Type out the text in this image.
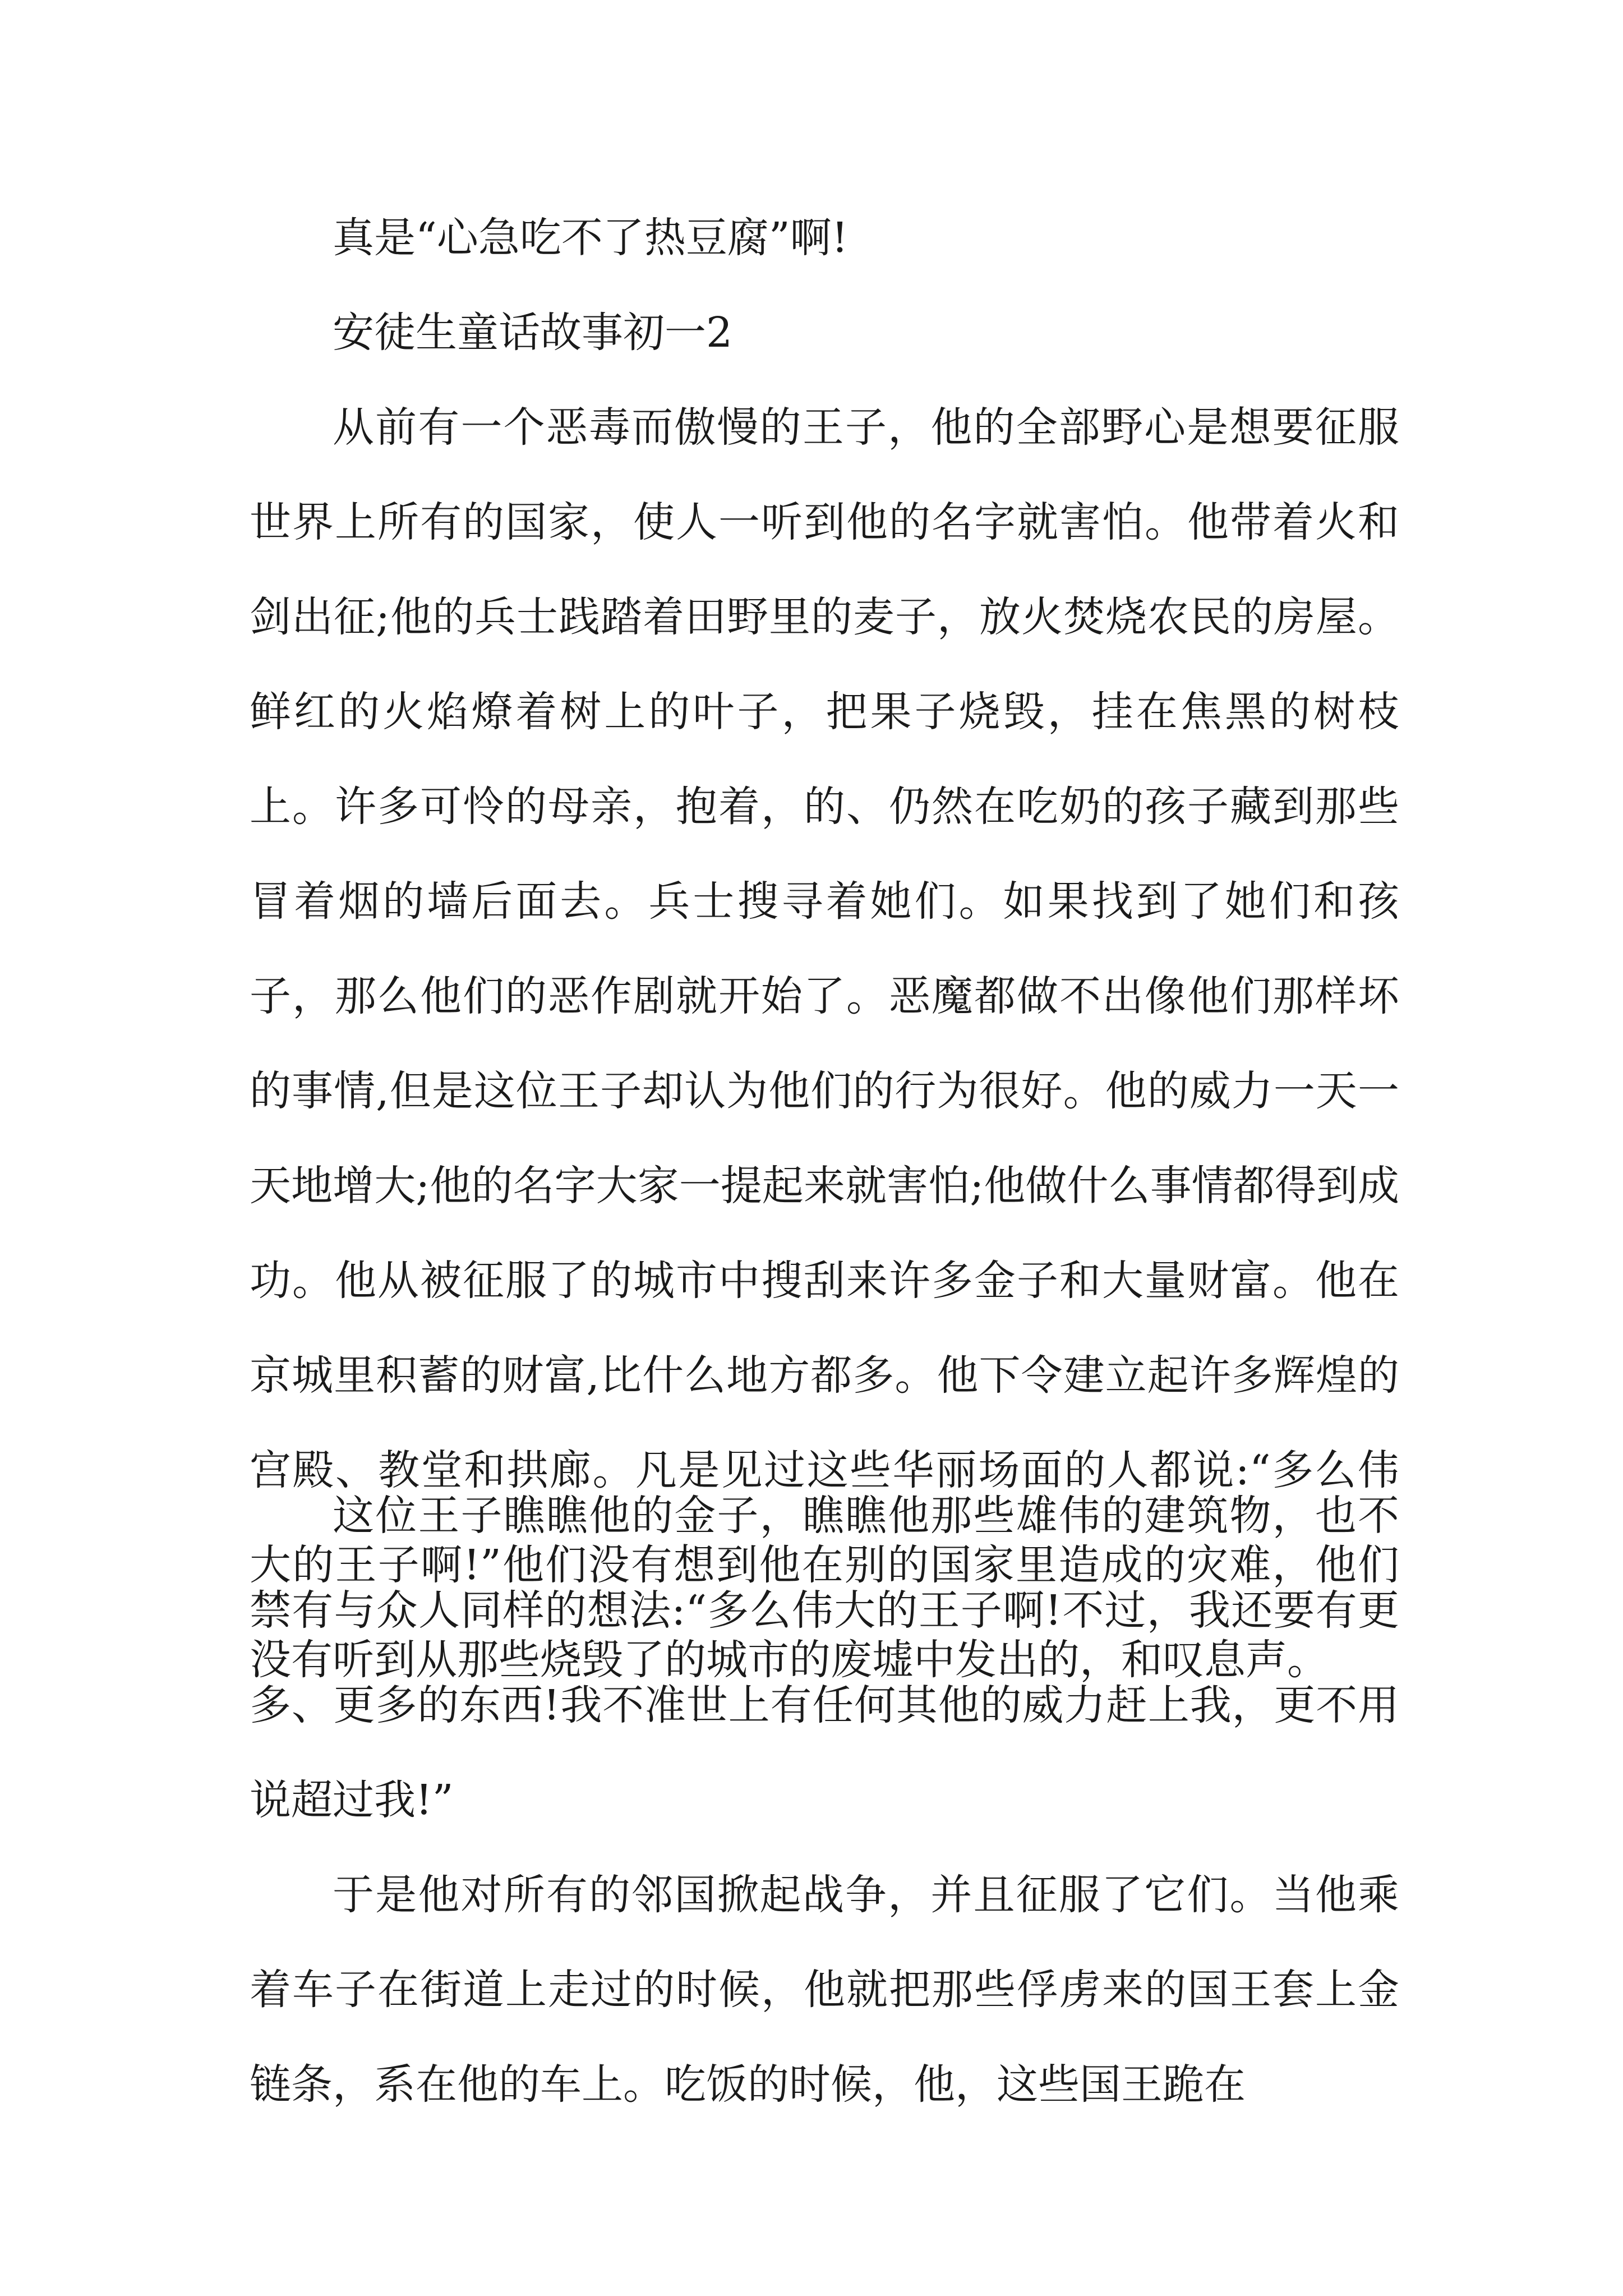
真是“心急吃不了热豆腐”啊!

安徒生童话故事初一2

从前有一个恶毒而傲慢的王子，他的全部野心是想要征服世界上所有的国家，使人一听到他的名字就害怕。他带着火和剑出征;他的兵士践踏着田野里的麦子，放火焚烧农民的房屋。鲜红的火焰燎着树上的叶子，把果子烧毁，挂在焦黑的树枝上。许多可怜的母亲，抱着，的、仍然在吃奶的孩子藏到那些冒着烟的墙后面去。兵士搜寻着她们。如果找到了她们和孩子，那么他们的恶作剧就开始了。恶魔都做不出像他们那样坏的事情,但是这位王子却认为他们的行为很好。他的威力一天一天地增大;他的名字大家一提起来就害怕;他做什么事情都得到成功。他从被征服了的城市中搜刮来许多金子和大量财富。他在京城里积蓄的财富,比什么地方都多。他下令建立起许多辉煌的宫殿、教堂和拱廊。凡是见过这些华丽场面的人都说:“多么伟大的王子啊!”他们没有想到他在别的国家里造成的灾难，他们没有听到从那些烧毁了的城市的废墟中发出的，和叹息声。

这位王子瞧瞧他的金子，瞧瞧他那些雄伟的建筑物，也不禁有与众人同样的想法:“多么伟大的王子啊!不过，我还要有更多、更多的东西!我不准世上有任何其他的威力赶上我，更不用说超过我!”

于是他对所有的邻国掀起战争，并且征服了它们。当他乘着车子在街道上走过的时候，他就把那些俘虏来的国王套上金链条，系在他的车上。吃饭的时候，他，这些国王跪在
